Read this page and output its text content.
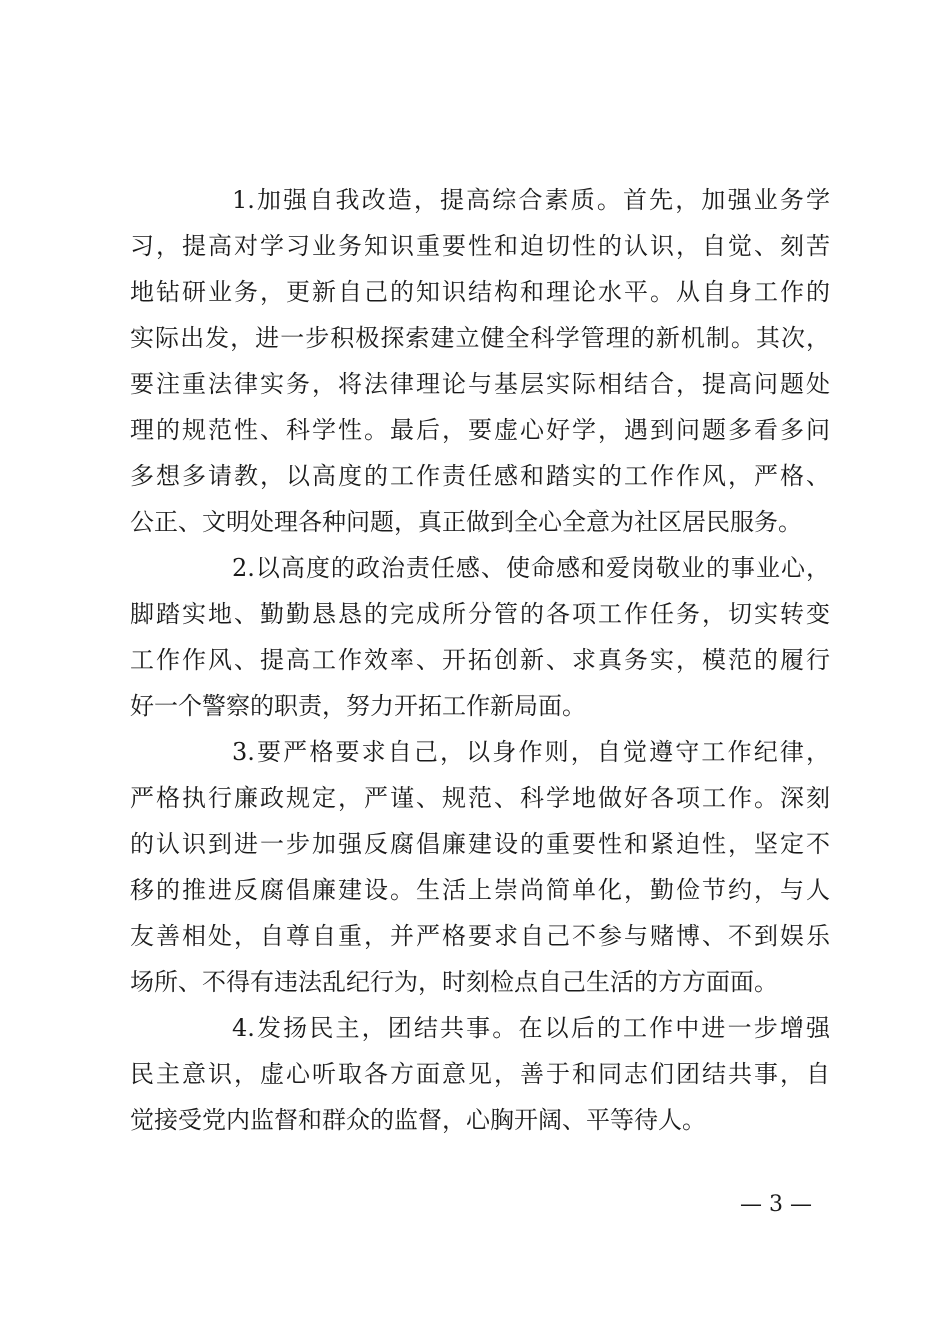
1.加强自我改造，提高综合素质。首先，加强业务学
习，提高对学习业务知识重要性和迫切性的认识，自觉、刻苦
地钻研业务，更新自己的知识结构和理论水平。从自身工作的
实际出发，进一步积极探索建立健全科学管理的新机制。其次，
要注重法律实务，将法律理论与基层实际相结合，提高问题处
理的规范性、科学性。最后，要虚心好学，遇到问题多看多问
多想多请教，以高度的工作责任感和踏实的工作作风，严格、
公正、文明处理各种问题，真正做到全心全意为社区居民服务。
2.以高度的政治责任感、使命感和爱岗敬业的事业心，
脚踏实地、勤勤恳恳的完成所分管的各项工作任务，切实转变
工作作风、提高工作效率、开拓创新、求真务实，模范的履行
好一个警察的职责，努力开拓工作新局面。
3.要严格要求自己，以身作则，自觉遵守工作纪律，
严格执行廉政规定，严谨、规范、科学地做好各项工作。深刻
的认识到进一步加强反腐倡廉建设的重要性和紧迫性，坚定不
移的推进反腐倡廉建设。生活上崇尚简单化，勤俭节约，与人
友善相处，自尊自重，并严格要求自己不参与赌博、不到娱乐
场所、不得有违法乱纪行为，时刻检点自己生活的方方面面。
4.发扬民主，团结共事。在以后的工作中进一步增强
民主意识，虚心听取各方面意见，善于和同志们团结共事，自
觉接受党内监督和群众的监督，心胸开阔、平等待人。
— 3 —
